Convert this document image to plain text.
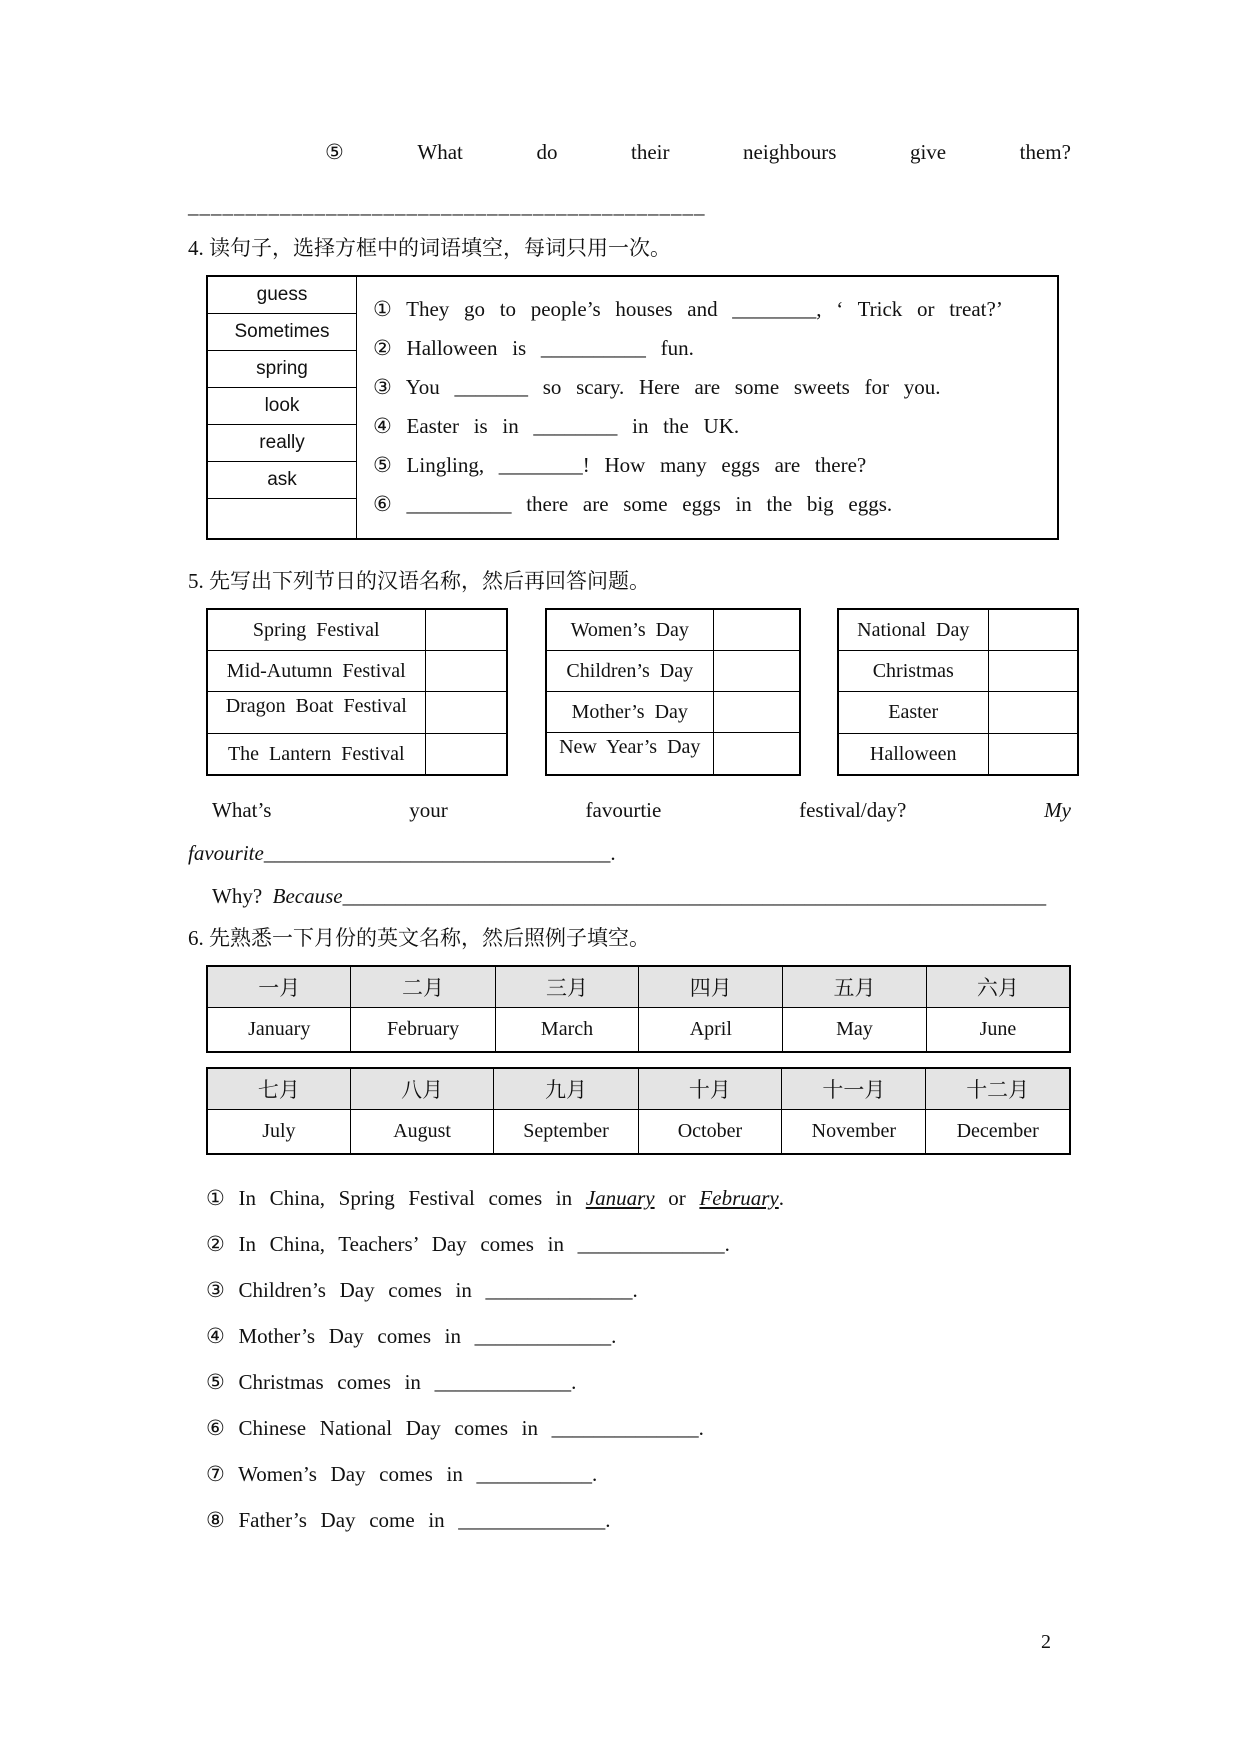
⑤	What	do	their	neighbours	give	them?
_____________________________________________
4. 读句子，选择方框中的词语填空，每词只用一次。
guess
Sometimes
spring
look
really
ask
① They go to people’s houses and ________, ‘ Trick or treat?’
② Halloween is __________ fun.
③ You _______ so scary. Here are some sweets for you.
④ Easter is in ________ in the UK.
⑤ Lingling, ________! How many eggs are there?
⑥ __________ there are some eggs in the big eggs.
5. 先写出下列节日的汉语名称，然后再回答问题。
Spring Festival	
Mid-Autumn Festival	

Dragon Boat Festival	

The Lantern Festival	
Women’s Day	
Children’s Day	
Mother’s Day	

New Year’s Day	

National Day	
Christmas	
Easter	
Halloween	
What’s	your	favourtie	festival/day?	My
favourite_________________________________.
Why? Because___________________________________________________________________
6. 先熟悉一下月份的英文名称，然后照例子填空。
一月	二月	三月	四月	五月	六月
January	February	March	April	May	June
七月	八月	九月	十月	十一月	十二月
July	August	September	October	November	December
① In China, Spring Festival comes in January or February.
② In China, Teachers’ Day comes in ______________.
③ Children’s Day comes in ______________.
④ Mother’s Day comes in _____________.
⑤ Christmas comes in _____________.
⑥ Chinese National Day comes in ______________.
⑦ Women’s Day comes in ___________.
⑧ Father’s Day come in ______________.
2
